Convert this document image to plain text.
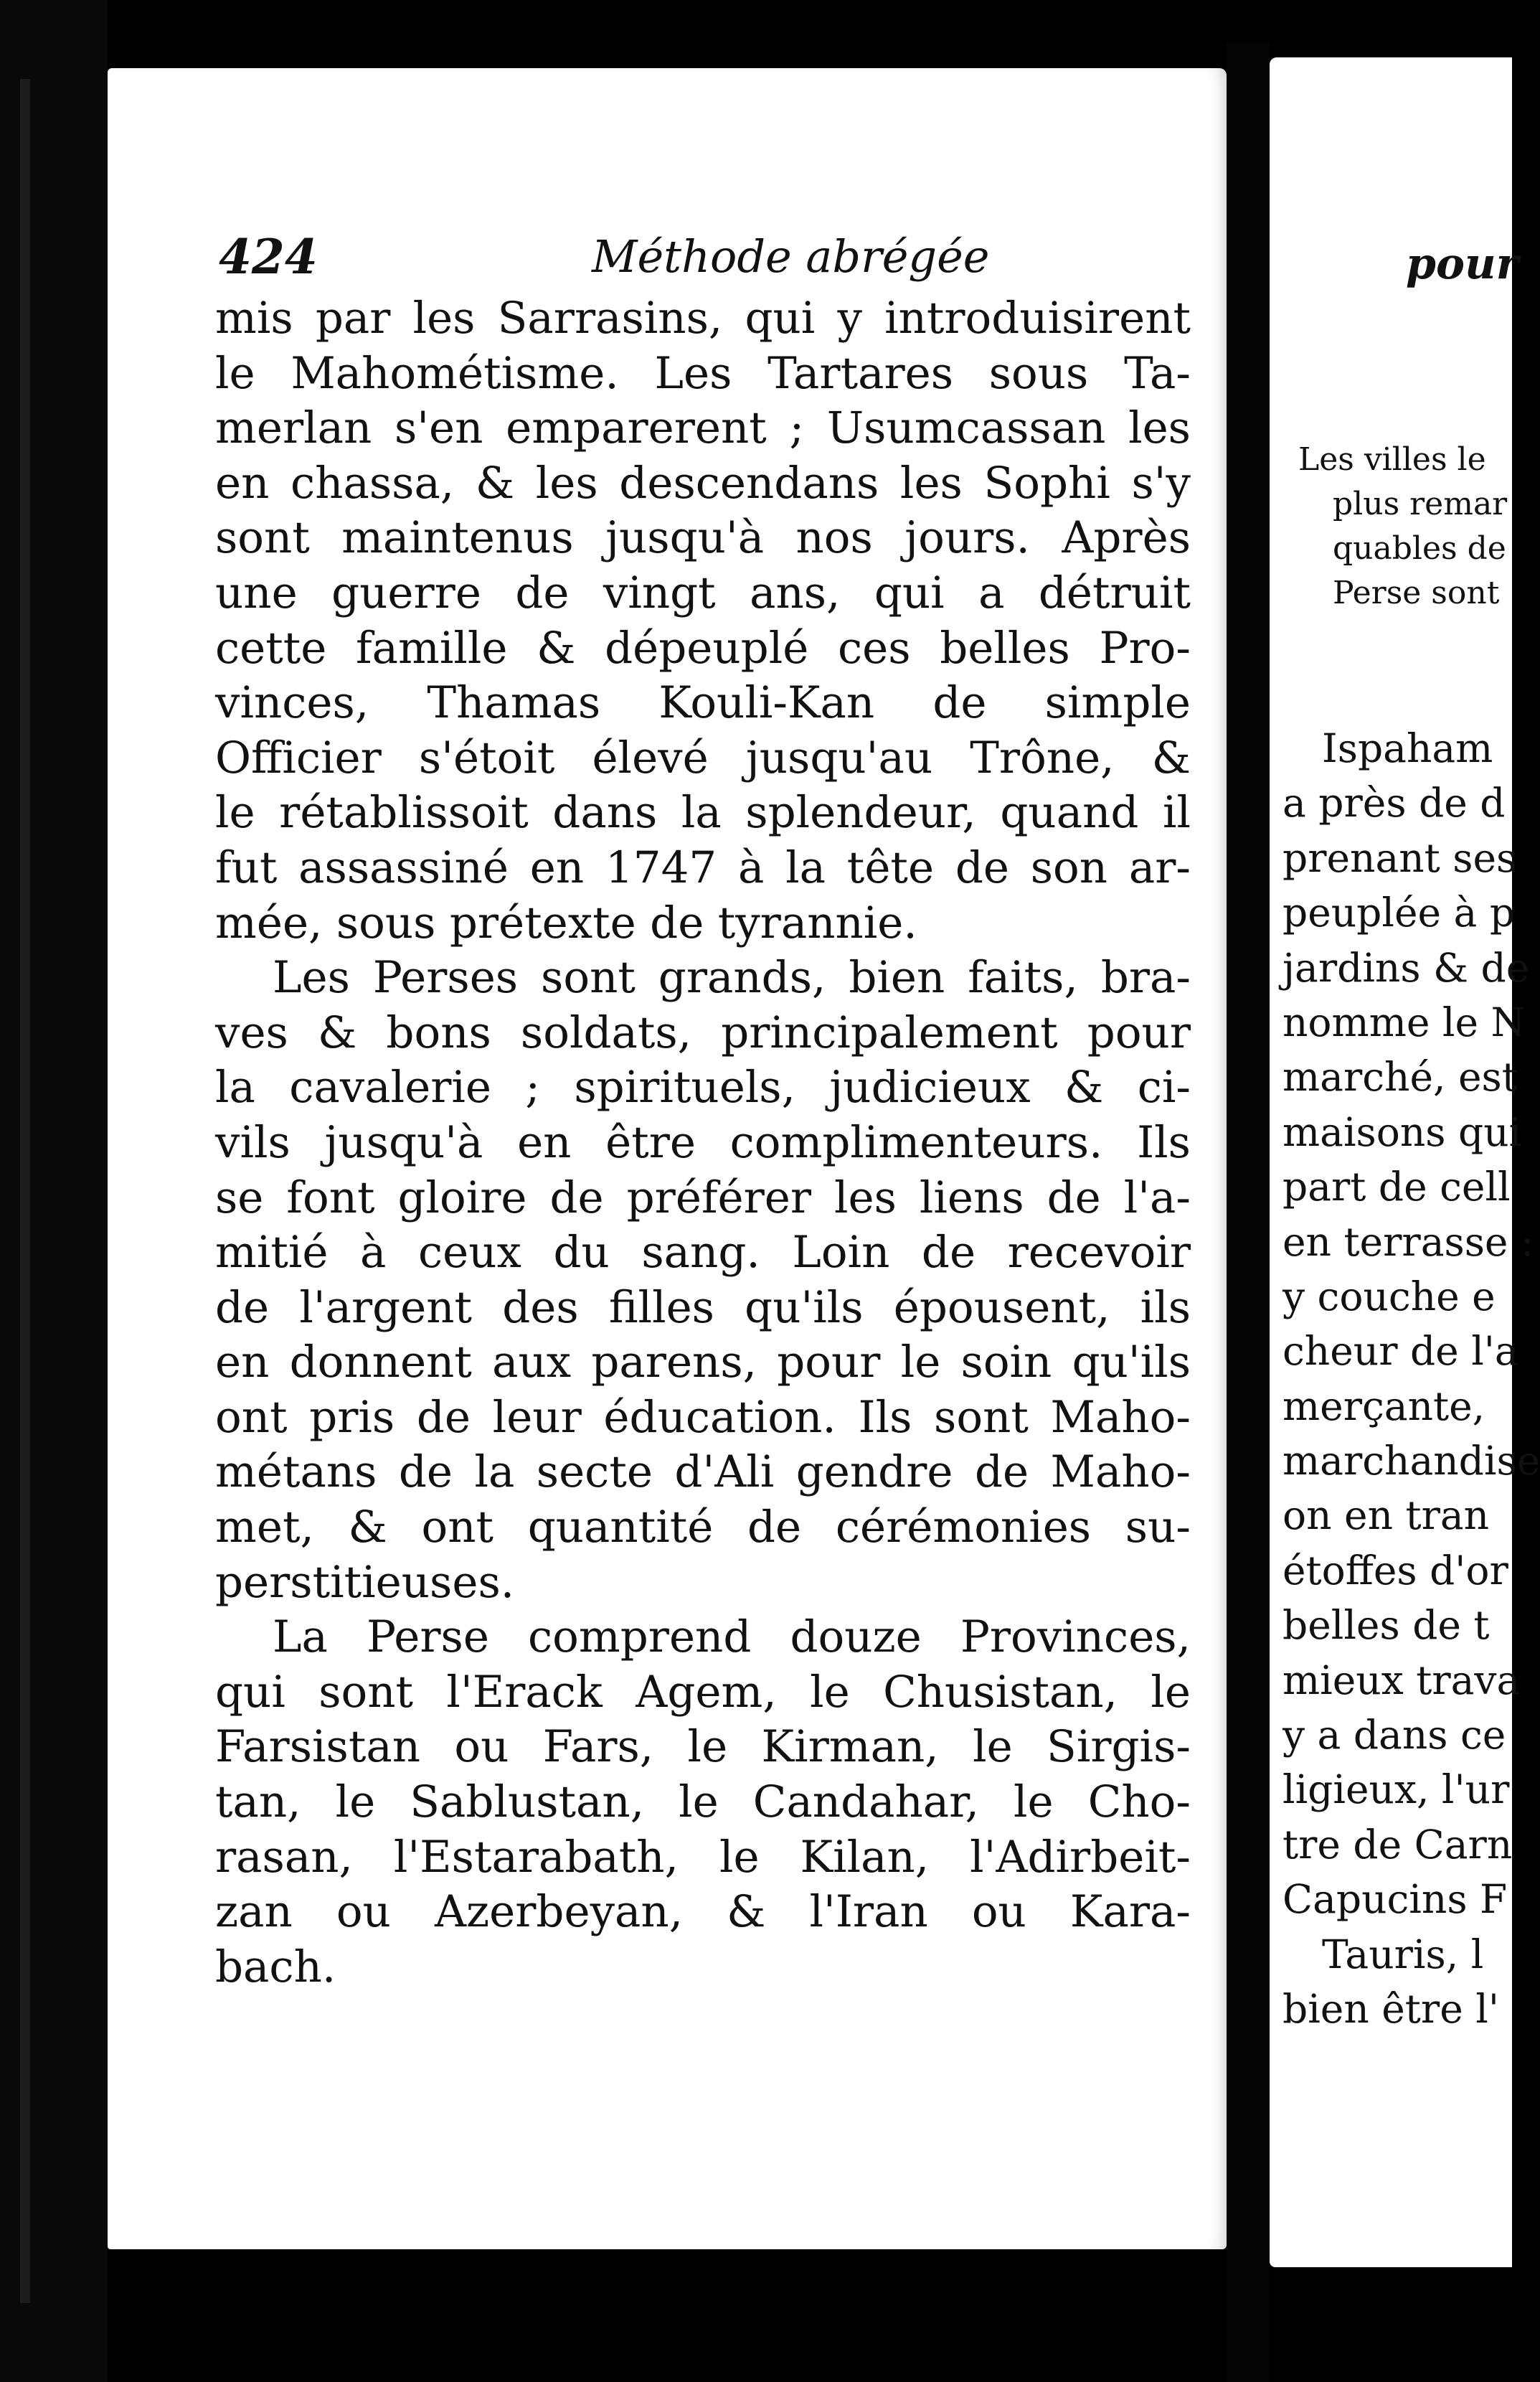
424	Méthode abrégée
mis par les Sarrasins, qui y introduisirent
le Mahométisme. Les Tartares sous Ta-
merlan s'en emparerent ; Usumcassan les
en chassa, & les descendans les Sophi s'y
sont maintenus jusqu'à nos jours. Après
une guerre de vingt ans, qui a détruit
cette famille & dépeuplé ces belles Pro-
vinces, Thamas Kouli-Kan de simple
Officier s'étoit élevé jusqu'au Trône, &
le rétablissoit dans la splendeur, quand il
fut assassiné en 1747 à la tête de son ar-
mée, sous prétexte de tyrannie.
Les Perses sont grands, bien faits, bra-
ves & bons soldats, principalement pour
la cavalerie ; spirituels, judicieux & ci-
vils jusqu'à en être complimenteurs. Ils
se font gloire de préférer les liens de l'a-
mitié à ceux du sang. Loin de recevoir
de l'argent des filles qu'ils épousent, ils
en donnent aux parens, pour le soin qu'ils
ont pris de leur éducation. Ils sont Maho-
métans de la secte d'Ali gendre de Maho-
met, & ont quantité de cérémonies su-
perstitieuses.
La Perse comprend douze Provinces,
qui sont l'Erack Agem, le Chusistan, le
Farsistan ou Fars, le Kirman, le Sirgis-
tan, le Sablustan, le Candahar, le Cho-
rasan, l'Estarabath, le Kilan, l'Adirbeit-
zan ou Azerbeyan, & l'Iran ou Kara-
bach.
pour
Les villes le
plus remar
quables de
Perse sont
Ispaham
a près de d
prenant ses
peuplée à p
jardins & de
nomme le N
marché, est
maisons qui
part de cell
en terrasse :
y couche e
cheur de l'a
merçante,
marchandise
on en tran
étoffes d'or
belles de t
mieux trava
y a dans ce
ligieux, l'ur
tre de Carn
Capucins F
Tauris, l
bien être l'
